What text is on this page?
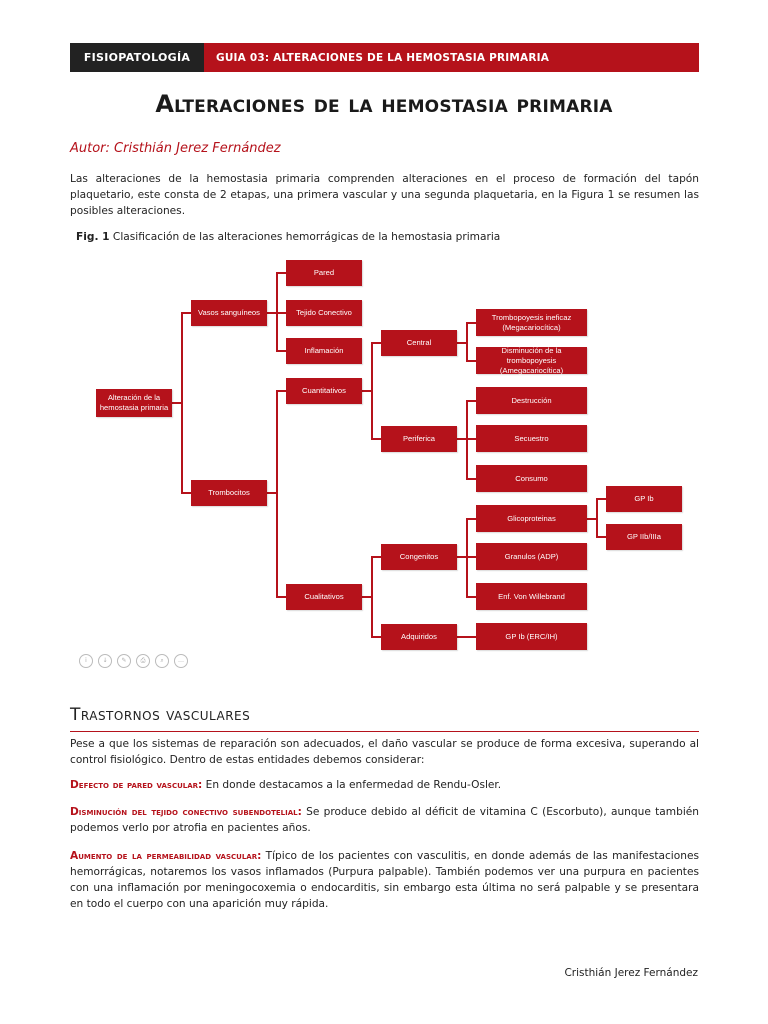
FISIOPATOLOGÍA	GUIA 03: ALTERACIONES DE LA HEMOSTASIA PRIMARIA
Alteraciones de la hemostasia primaria
Autor: Cristhián Jerez Fernández
Las alteraciones de la hemostasia primaria comprenden alteraciones en el proceso de formación del tapón plaquetario, este consta de 2 etapas, una primera vascular y una segunda plaquetaria, en la Figura 1 se resumen las posibles alteraciones.
Fig. 1 Clasificación de las alteraciones hemorrágicas de la hemostasia primaria
Alteración de la hemostasia primaria
Vasos sanguíneos
Trombocitos
Pared
Tejido Conectivo
Inflamación
Cuantitativos
Cualitativos
Central
Periferica
Congenitos
Adquiridos
Trombopoyesis ineficaz (Megacariocítica)
Disminución de la trombopoyesis (Amegacariocítica)
Destrucción
Secuestro
Consumo
Glicoproteinas
Granulos (ADP)
Enf. Von Willebrand
GP Ib (ERC/IH)
GP Ib
GP IIb/IIIa
i	↓	✎	⎙	⌕	…
Trastornos vasculares
Pese a que los sistemas de reparación son adecuados, el daño vascular se produce de forma excesiva, superando al control fisiológico. Dentro de estas entidades debemos considerar:
Defecto de pared vascular: En donde destacamos a la enfermedad de Rendu-Osler.
Disminución del tejido conectivo subendotelial: Se produce debido al déficit de vitamina C (Escorbuto), aunque también podemos verlo por atrofia en pacientes años.
Aumento de la permeabilidad vascular: Típico de los pacientes con vasculitis, en donde además de las manifestaciones hemorrágicas, notaremos los vasos inflamados (Purpura palpable). También podemos ver una purpura en pacientes con una inflamación por meningocoxemia o endocarditis, sin embargo esta última no será palpable y se presentara en todo el cuerpo con una aparición muy rápida.
Cristhián Jerez Fernández
